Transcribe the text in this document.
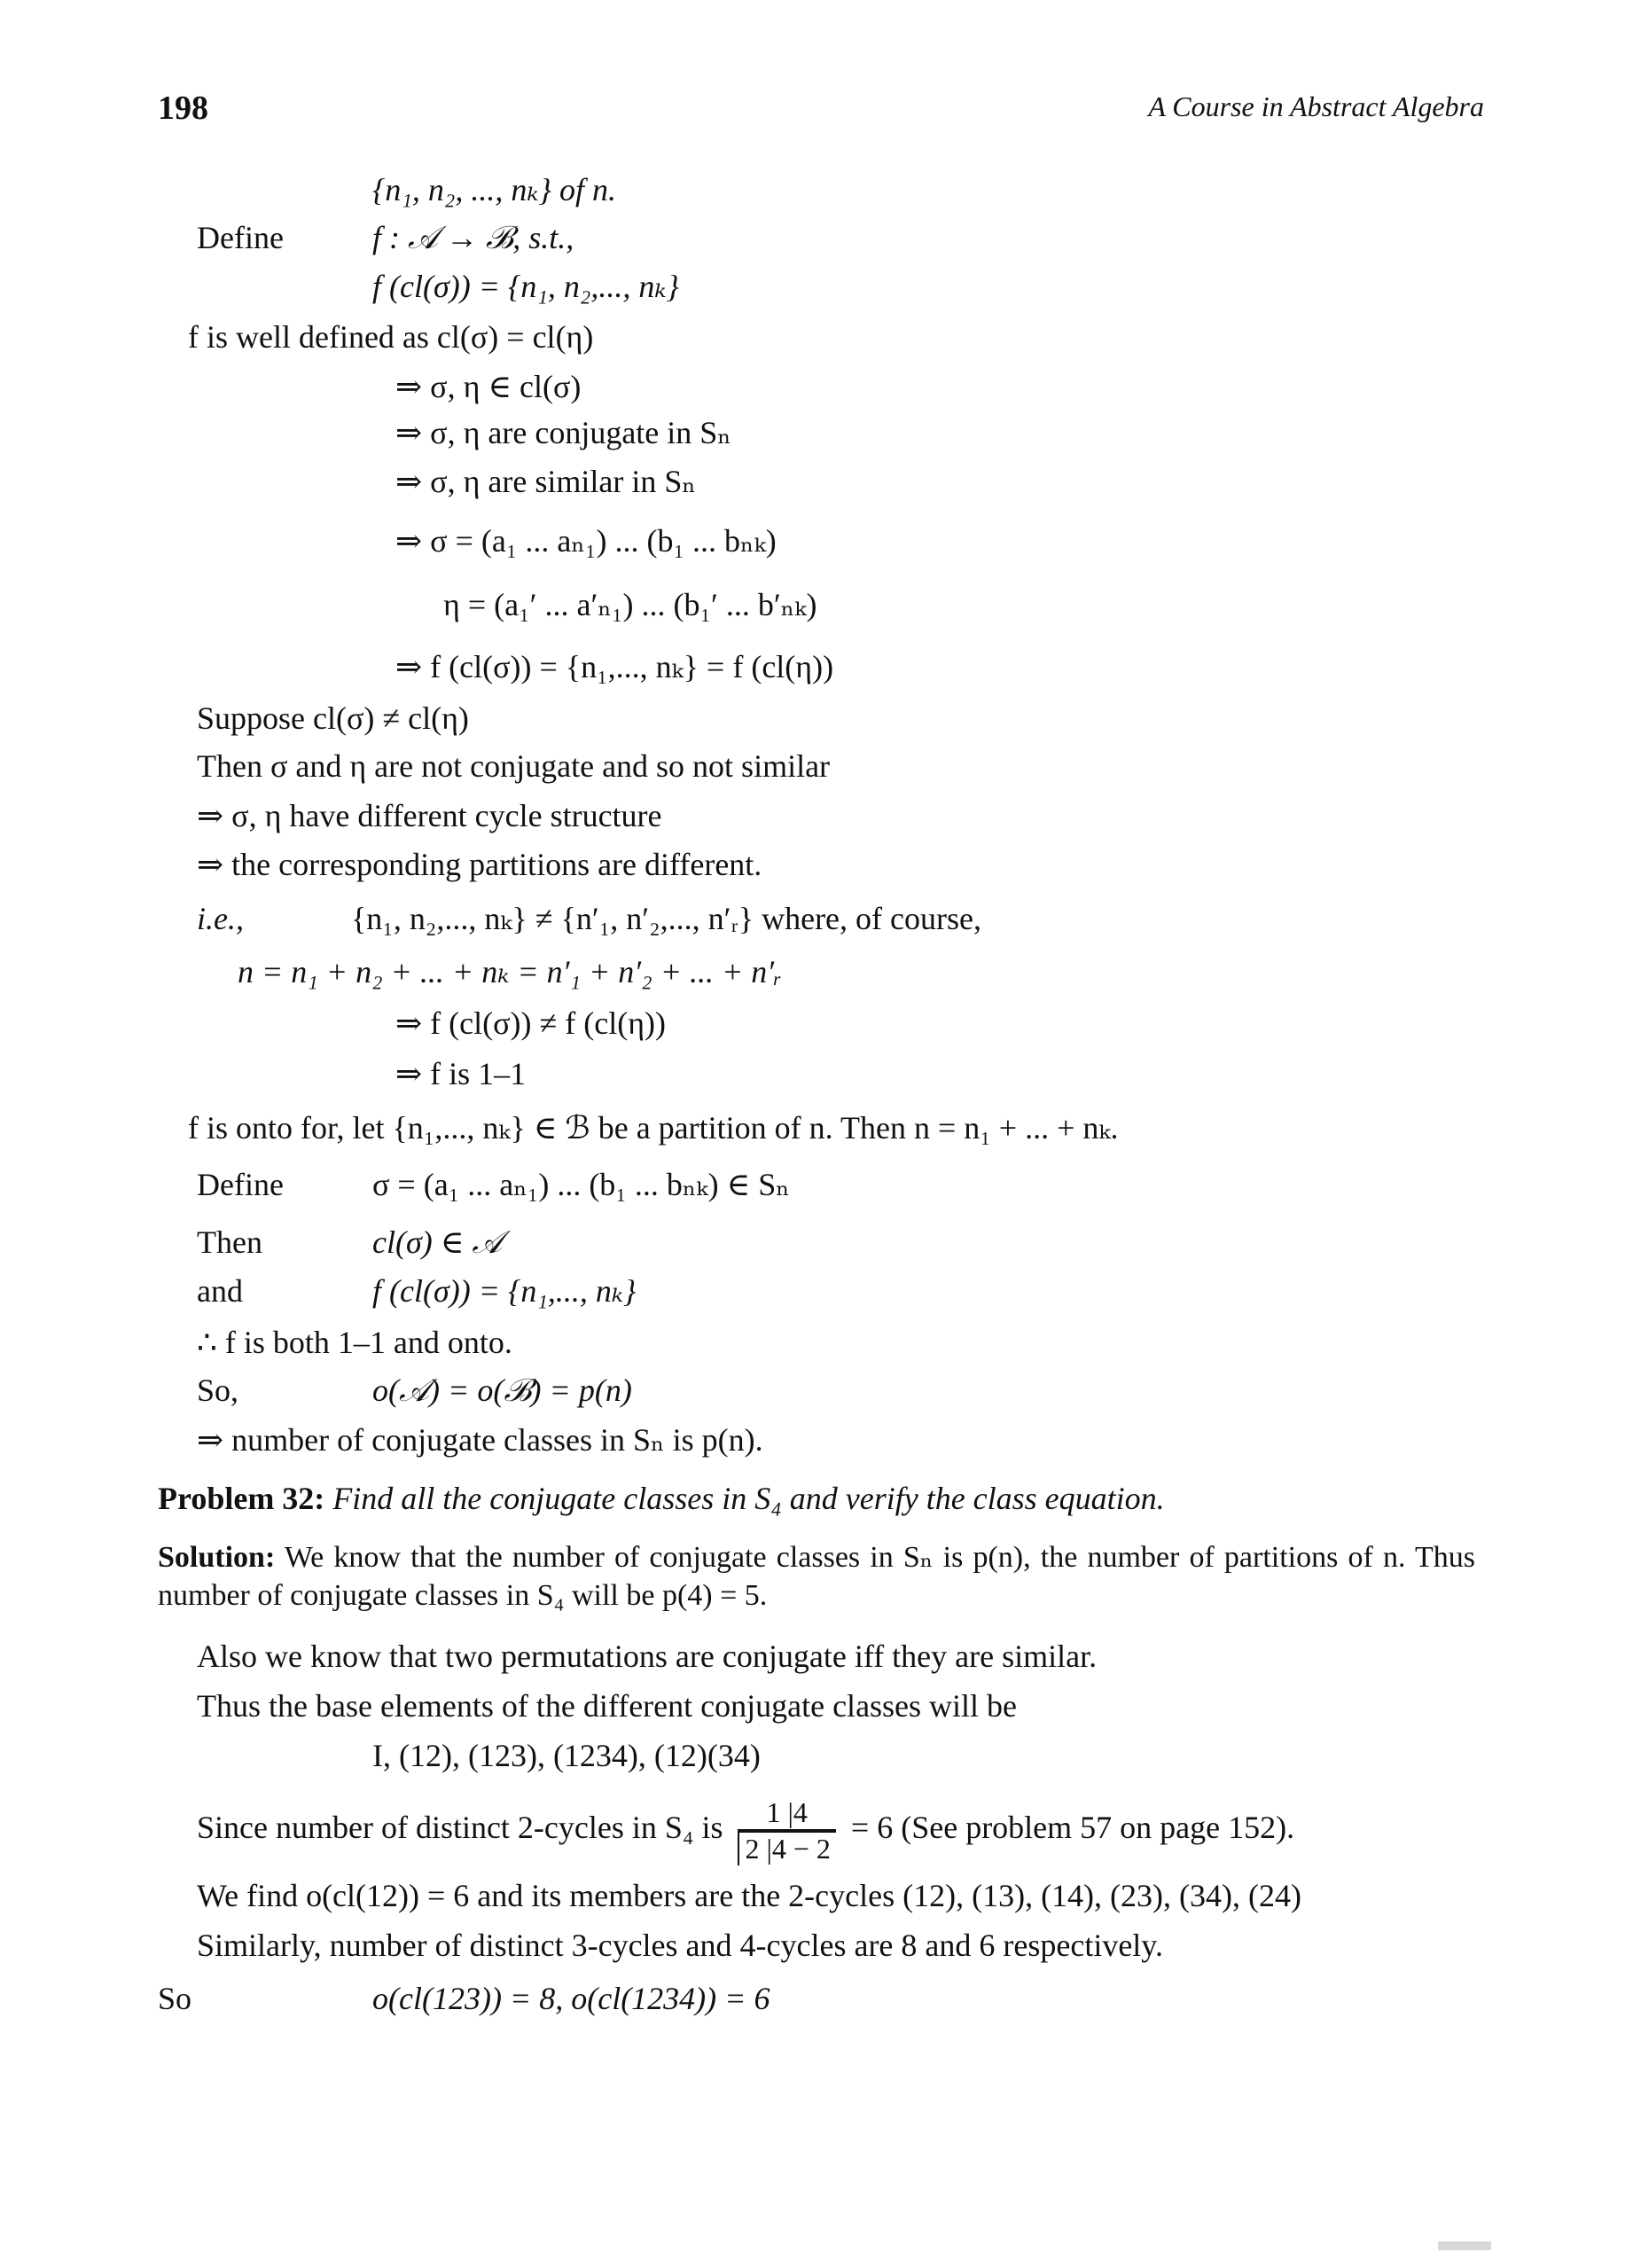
198	A Course in Abstract Algebra
{n₁, n₂, ..., nₖ} of n.
Define	f : 𝒜 → ℬ, s.t.,
f (cl(σ)) = {n₁, n₂,..., nₖ}
f is well defined as cl(σ) = cl(η)
⇒ σ, η ∈ cl(σ)
⇒ σ, η are conjugate in Sₙ
⇒ σ, η are similar in Sₙ
⇒ σ = (a₁ ... aₙ₁) ... (b₁ ... bₙₖ)
η = (a₁′ ... a′ₙ₁) ... (b₁′ ... b′ₙₖ)
⇒ f (cl(σ)) = {n₁,..., nₖ} = f (cl(η))
Suppose cl(σ) ≠ cl(η)
Then σ and η are not conjugate and so not similar
⇒ σ, η have different cycle structure
⇒ the corresponding partitions are different.
i.e.,	{n₁, n₂,..., nₖ} ≠ {n′₁, n′₂,..., n′ᵣ} where, of course,
n = n₁ + n₂ + ... + nₖ = n′₁ + n′₂ + ... + n′ᵣ
⇒ f (cl(σ)) ≠ f (cl(η))
⇒ f is 1–1
f is onto for, let {n₁,..., nₖ} ∈ ℬ be a partition of n. Then n = n₁ + ... + nₖ.
Define	σ = (a₁ ... aₙ₁) ... (b₁ ... bₙₖ) ∈ Sₙ
Then	cl(σ) ∈ 𝒜
and	f (cl(σ)) = {n₁,..., nₖ}
∴ f is both 1–1 and onto.
So,	o(𝒜) = o(ℬ) = p(n)
⇒ number of conjugate classes in Sₙ is p(n).
Problem 32: Find all the conjugate classes in S₄ and verify the class equation.
Solution: We know that the number of conjugate classes in Sₙ is p(n), the number of partitions of n. Thus number of conjugate classes in S₄ will be p(4) = 5.
Also we know that two permutations are conjugate iff they are similar.
Thus the base elements of the different conjugate classes will be
I, (12), (123), (1234), (12)(34)
Since number of distinct 2-cycles in S₄ is $\frac{1 |4}{2 |4 - 2} = 6$ (See problem 57 on page 152).
We find o(cl(12)) = 6 and its members are the 2-cycles (12), (13), (14), (23), (34), (24)
Similarly, number of distinct 3-cycles and 4-cycles are 8 and 6 respectively.
So	o(cl(123)) = 8, o(cl(1234)) = 6
